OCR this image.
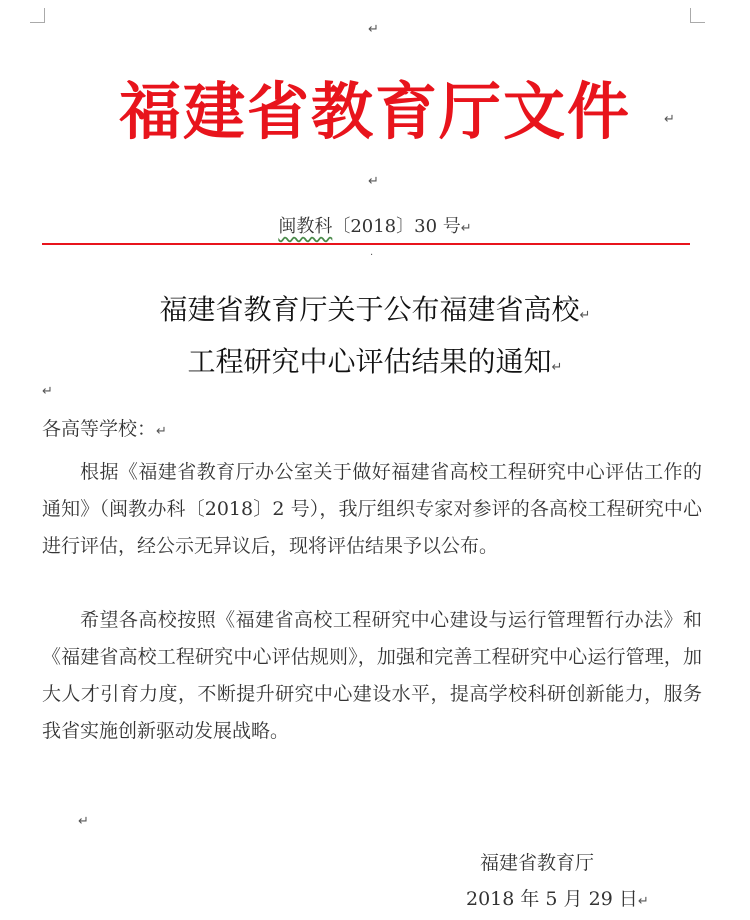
↵
福建省教育厅文件	↵
↵
闽教科〔2018〕30 号↵
·
福建省教育厅关于公布福建省高校↵
工程研究中心评估结果的通知↵
↵
各高等学校：↵

根据《福建省教育厅办公室关于做好福建省高校工程研究中心评估工作的通知》（闽教办科〔2018〕2 号），我厅组织专家对参评的各高校工程研究中心进行评估，经公示无异议后，现将评估结果予以公布。

希望各高校按照《福建省高校工程研究中心建设与运行管理暂行办法》和《福建省高校工程研究中心评估规则》，加强和完善工程研究中心运行管理，加大人才引育力度，不断提升研究中心建设水平，提高学校科研创新能力，服务我省实施创新驱动发展战略。

↵
福建省教育厅
2018 年 5 月 29 日↵
